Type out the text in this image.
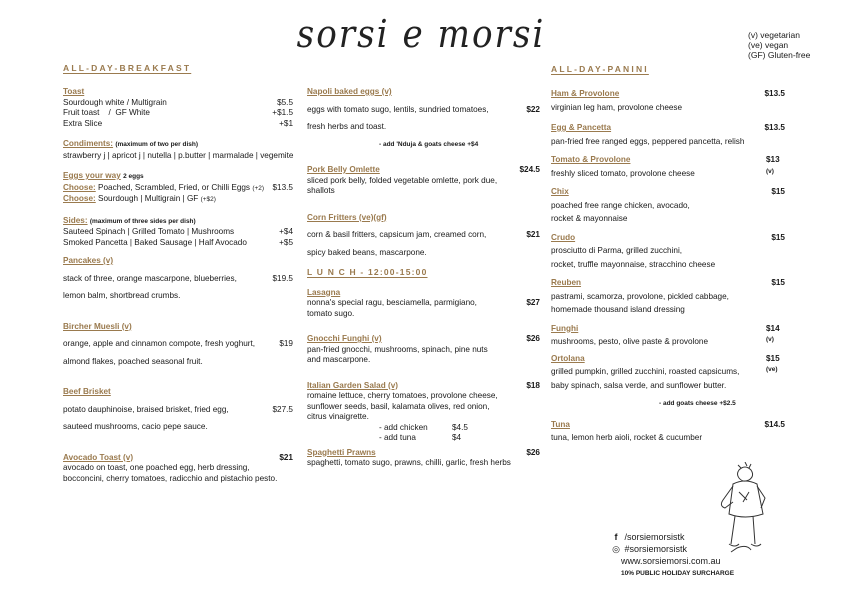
sorsi e morsi	(v) vegetarian
(ve) vegan
(GF) Gluten-free
ALL-DAY-BREAKFAST
Toast
Sourdough white / Multigrain	$5.5
Fruit toast    /  GF White	+$1.5
Extra Slice	+$1
Condiments: (maximum of two per dish)
strawberry j | apricot j | nutella | p.butter | marmalade | vegemite
Eggs your way 2 eggs
Choose: Poached, Scrambled, Fried, or Chilli Eggs (+2) $13.5
Choose: Sourdough | Multigrain | GF (+$2)
Sides: (maximum of three sides per dish)
Sauteed Spinach | Grilled Tomato | Mushrooms	+$4
Smoked Pancetta | Baked Sausage | Half Avocado	+$5
Pancakes (v)
stack of three, orange mascarpone, blueberries,	$19.5
lemon balm, shortbread crumbs.
Bircher Muesli (v)
orange, apple and cinnamon compote, fresh yoghurt,	$19
almond flakes, poached seasonal fruit.
Beef Brisket
potato dauphinoise, braised brisket, fried egg,	$27.5
sauteed mushrooms, cacio pepe sauce.
Avocado Toast (v)	$21
avocado on toast, one poached egg, herb dressing,
bocconcini, cherry tomatoes, radicchio and pistachio pesto.
Napoli baked eggs (v)
eggs with tomato sugo, lentils, sundried tomatoes,	$22
fresh herbs and toast.
- add 'Nduja & goats cheese +$4
Pork Belly Omlette	$24.5
sliced pork belly, folded vegetable omlette, pork due,
shallots
Corn Fritters (ve)(gf)
corn & basil fritters, capsicum jam, creamed corn,	$21
spicy baked beans, mascarpone.
L U N C H - 12:00-15:00
Lasagna
$27
nonna's special ragu, besciamella, parmigiano,
tomato sugo.
Gnocchi Funghi (v)	$26
pan-fried gnocchi, mushrooms, spinach, pine nuts
and mascarpone.
Italian Garden Salad (v)	$18
romaine lettuce, cherry tomatoes, provolone cheese,
sunflower seeds, basil, kalamata olives, red onion,
citrus vinaigrette.
- add chicken	$4.5
- add tuna	$4
Spaghetti Prawns	$26
spaghetti, tomato sugo, prawns, chilli, garlic, fresh herbs
ALL-DAY-PANINI
Ham & Provolone	$13.5
virginian leg ham, provolone cheese
Egg & Pancetta	$13.5
pan-fried free ranged eggs, peppered pancetta, relish
Tomato & Provolone	$13 (v)
freshly sliced tomato, provolone cheese
Chix	$15
poached free range chicken, avocado,
rocket & mayonnaise
Crudo	$15
prosciutto di Parma, grilled zucchini,
rocket, truffle mayonnaise, stracchino cheese
Reuben	$15
pastrami, scamorza, provolone, pickled cabbage,
homemade thousand island dressing
Funghi	$14 (v)
mushrooms, pesto, olive paste & provolone
Ortolana	$15 (ve)
grilled pumpkin, grilled zucchini, roasted capsicums,
baby spinach, salsa verde, and sunflower butter.
- add goats cheese +$2.5
Tuna	$14.5
tuna, lemon herb aioli, rocket & cucumber
f /sorsiemorsistk
◎ #sorsiemorsistk
www.sorsiemorsi.com.au
10% PUBLIC HOLIDAY SURCHARGE
